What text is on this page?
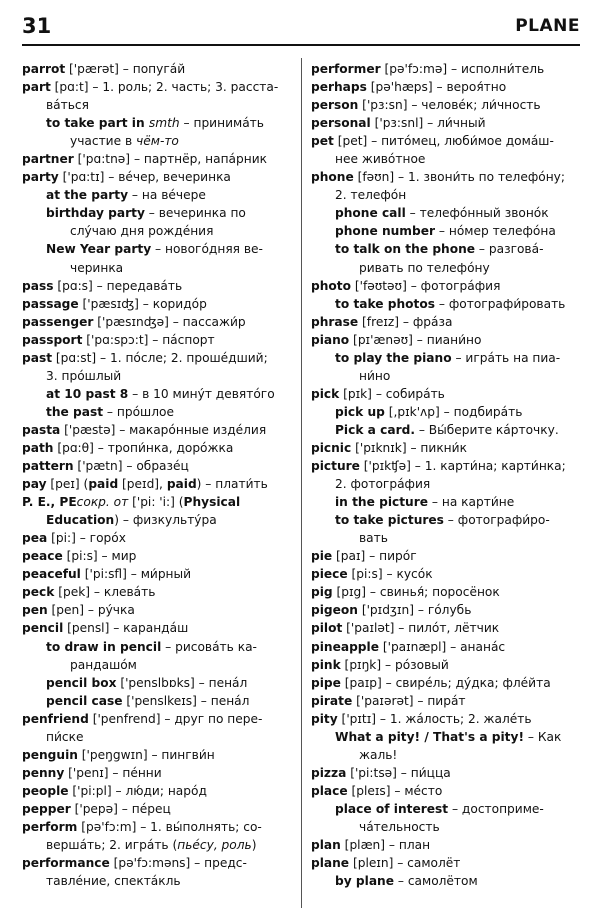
31	PLANE
parrot ['pærət] – попугáй
part [pɑ:t] – 1. роль; 2. часть; 3. расста-
вáться
to take part in smth – принимáть
участие в чём-то
partner ['pɑ:tnə] – партнёр, напáрник
party ['pɑ:tɪ] – вéчер, вечеринка
at the party – на вéчере
birthday party – вечеринка по
слýчаю дня рождéния
New Year party – новогóдняя ве-
черинка
pass [pɑ:s] – передавáть
passage ['pæsɪʤ] – коридóр
passenger ['pæsɪnʤə] – пассажи́р
passport ['pɑ:spɔ:t] – пáспорт
past [pɑ:st] – 1. пóсле; 2. прошéдший;
3. прóшлый
at 10 past 8 – в 10 минýт девятóго
the past – прóшлое
pasta ['pæstə] – макарóнные издéлия
path [pɑ:θ] – тропи́нка, дорóжка
pattern ['pætn] – образéц
pay [peɪ] (paid [peɪd], paid) – плати́ть
P. E., PEсокр. от ['pi: 'i:] (Physical
Education) – физкультýра
pea [pi:] – горóх
peace [pi:s] – мир
peaceful ['pi:sfl] – ми́рный
peck [pek] – клевáть
pen [pen] – рýчка
pencil [pensl] – карандáш
to draw in pencil – рисовáть ка-
рандашóм
pencil box ['penslbɒks] – пенáл
pencil case ['penslkeɪs] – пенáл
penfriend ['penfrend] – друг по пере-
пи́ске
penguin ['peŋgwɪn] – пингви́н
penny ['penɪ] – пéнни
people ['pi:pl] – лю́ди; нарóд
pepper ['pepə] – пéрец
perform [pə'fɔ:m] – 1. вы́полнять; со-
вершáть; 2. игрáть (пьéсу, роль)
performance [pə'fɔ:məns] – предс-
тавлéние, спектáкль
performer [pə'fɔ:mə] – исполни́тель
perhaps [pə'hæps] – вероя́тно
person ['pɜ:sn] – человéк; ли́чность
personal ['pɜ:snl] – ли́чный
pet [pet] – питóмец, люби́мое домáш-
нее живóтное
phone [fəʊn] – 1. звони́ть по телефóну;
2. телефóн
phone call – телефóнный звонóк
phone number – нóмер телефóна
to talk on the phone – разговá-
ривать по телефóну
photo ['fəʊtəʊ] – фотогрáфия
to take photos – фотографи́ровать
phrase [freɪz] – фрáза
piano [pɪ'ænəʊ] – пиани́но
to play the piano – игрáть на пиа-
ни́но
pick [pɪk] – собирáть
pick up [,pɪk'ʌp] – подбирáть
Pick a card. – Вы́берите кáрточку.
picnic ['pɪknɪk] – пикни́к
picture ['pɪkʧə] – 1. карти́на; карти́нка;
2. фотогрáфия
in the picture – на карти́не
to take pictures – фотографи́ро-
вать
pie [paɪ] – пирóг
piece [pi:s] – кусóк
pig [pɪg] – свинья́; поросёнок
pigeon ['pɪdʒɪn] – гóлубь
pilot ['paɪlət] – пилóт, лётчик
pineapple ['paɪnæpl] – ананáс
pink [pɪŋk] – рóзовый
pipe [paɪp] – свирéль; дýдка; флéйта
pirate ['paɪərət] – пирáт
pity ['pɪtɪ] – 1. жáлость; 2. жалéть
What a pity! / That's a pity! – Как
жаль!
pizza ['pi:tsə] – пи́цца
place [pleɪs] – мéсто
place of interest – достоприме-
чáтельность
plan [plæn] – план
plane [pleɪn] – самолёт
by plane – самолётом
